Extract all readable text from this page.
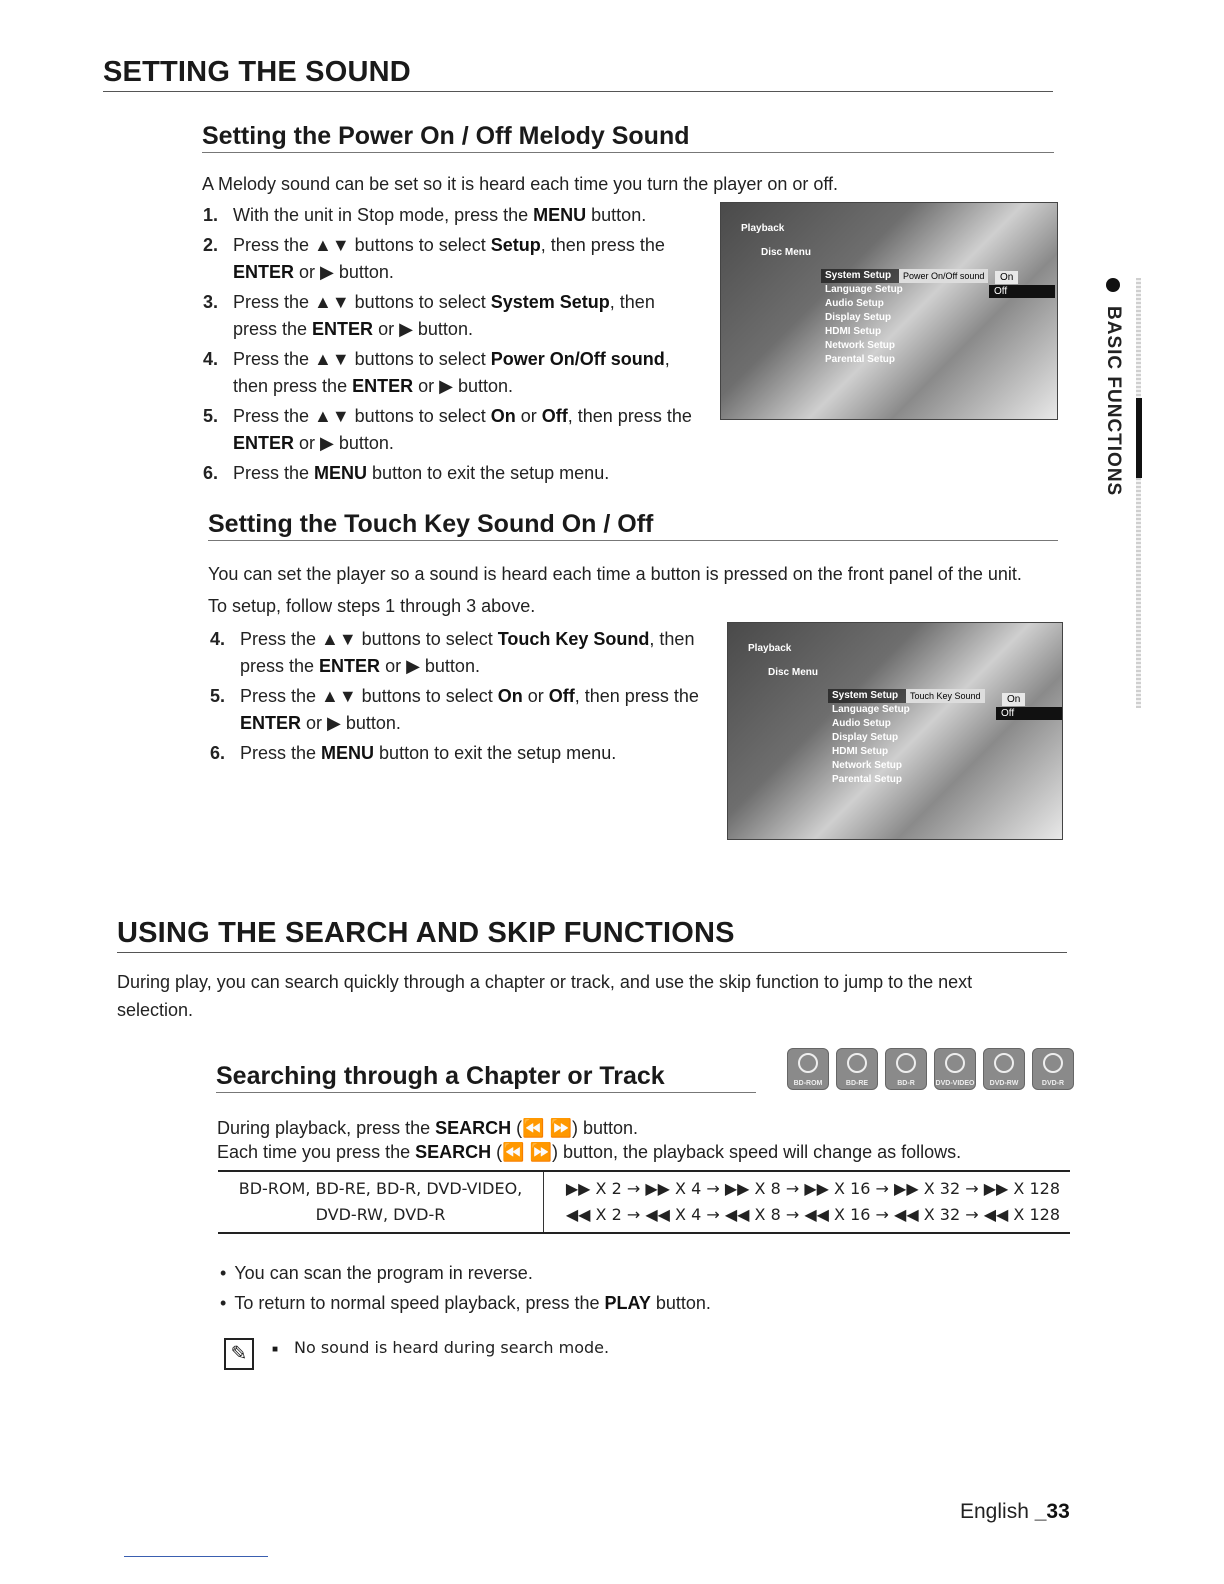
SETTING THE SOUND
Setting the Power On / Off Melody Sound
A Melody sound can be set so it is heard each time you turn the player on or off.
1. With the unit in Stop mode, press the MENU button.
2. Press the ▲▼ buttons to select Setup, then press the ENTER or ▶ button.
3. Press the ▲▼ buttons to select System Setup, then press the ENTER or ▶ button.
4. Press the ▲▼ buttons to select Power On/Off sound, then press the ENTER or ▶ button.
5. Press the ▲▼ buttons to select On or Off, then press the ENTER or ▶ button.
6. Press the MENU button to exit the setup menu.
Playback
Disc Menu
System Setup
Language Setup
Audio Setup
Display Setup
HDMI Setup
Network Setup
Parental Setup
Power On/Off sound	On
Off
Setting the Touch Key Sound On / Off
You can set the player so a sound is heard each time a button is pressed on the front panel of the unit.
To setup, follow steps 1 through 3 above.
4. Press the ▲▼ buttons to select Touch Key Sound, then press the ENTER or ▶ button.
5. Press the ▲▼ buttons to select On or Off, then press the ENTER or ▶ button.
6. Press the MENU button to exit the setup menu.
Playback
Disc Menu
System Setup
Language Setup
Audio Setup
Display Setup
HDMI Setup
Network Setup
Parental Setup
Touch Key Sound	On
Off
USING THE SEARCH AND SKIP FUNCTIONS
During play, you can search quickly through a chapter or track, and use the skip function to jump to the next selection.
Searching through a Chapter or Track	BD-ROM	BD-RE	BD-R	DVD-VIDEO	DVD-RW	DVD-R
During playback, press the SEARCH (⏪ ⏩) button.
Each time you press the SEARCH (⏪ ⏩) button, the playback speed will change as follows.
BD-ROM, BD-RE, BD-R, DVD-VIDEO,
DVD-RW, DVD-R

▶▶ X 2 → ▶▶ X 4 → ▶▶ X 8 → ▶▶ X 16 → ▶▶ X 32 → ▶▶ X 128
◀◀ X 2 → ◀◀ X 4 → ◀◀ X 8 → ◀◀ X 16 → ◀◀ X 32 → ◀◀ X 128
• You can scan the program in reverse.
• To return to normal speed playback, press the PLAY button.
✎	■ No sound is heard during search mode.
BASIC FUNCTIONS
English _33
